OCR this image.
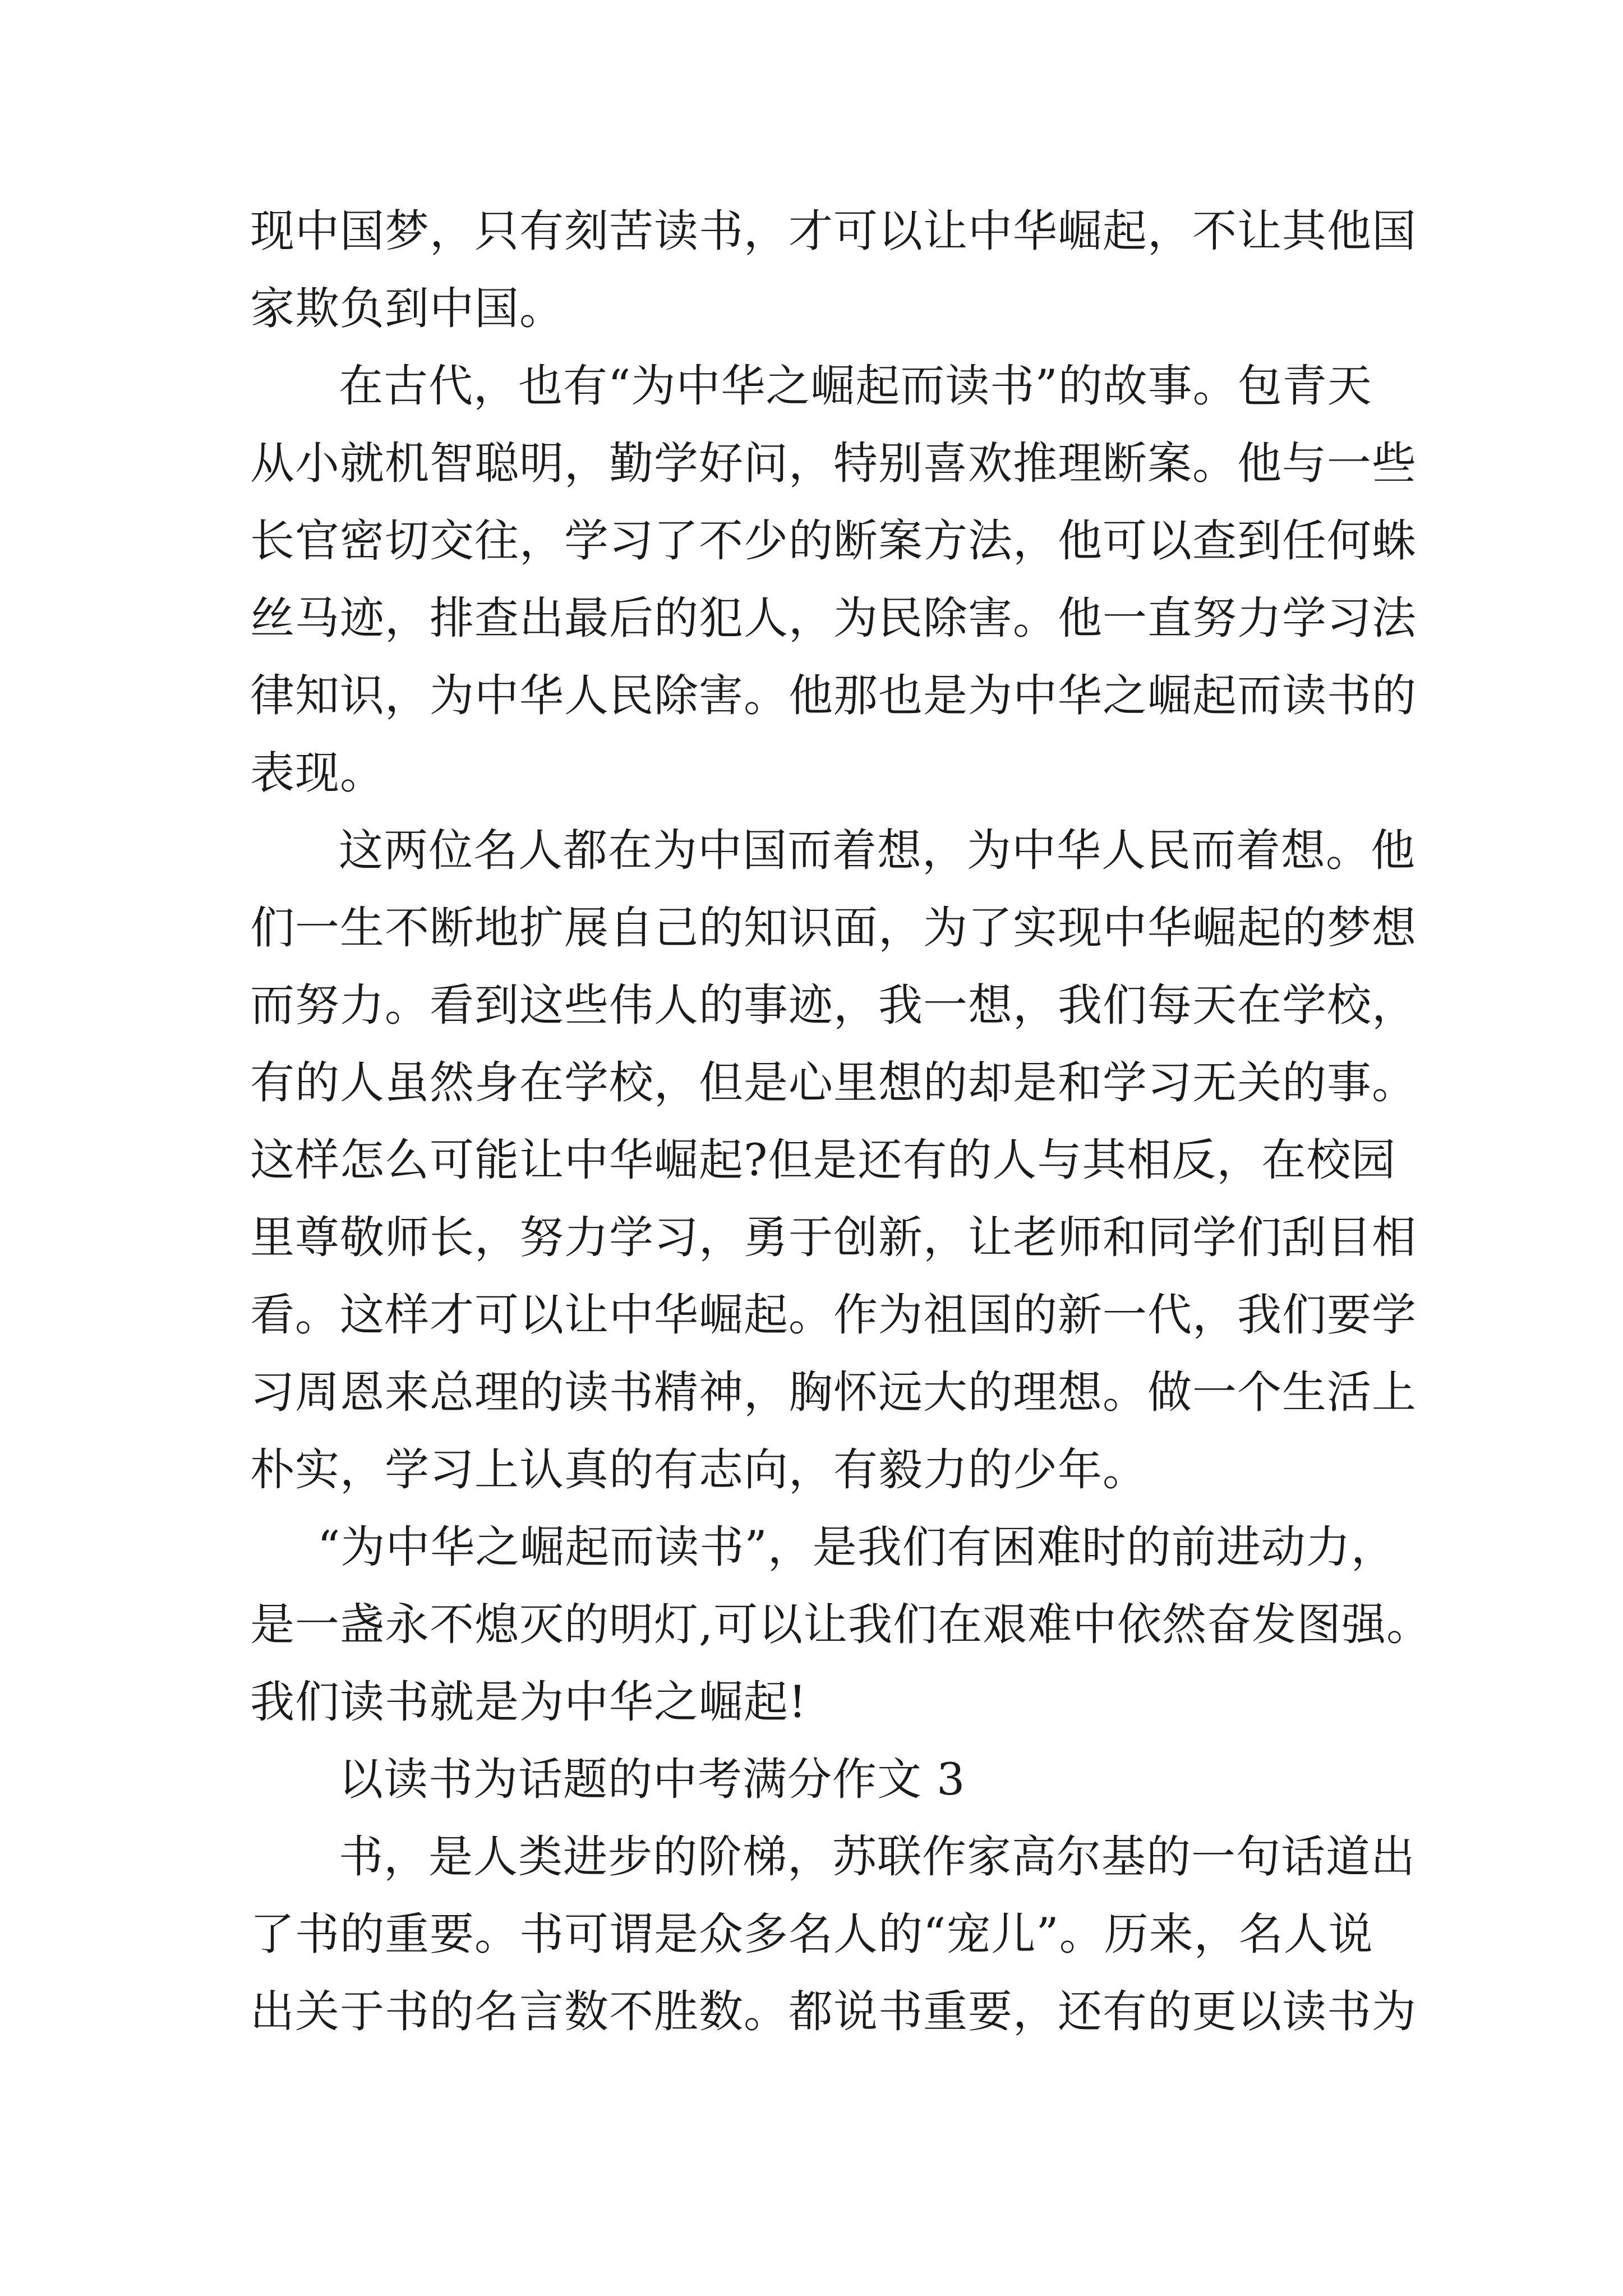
现中国梦，只有刻苦读书，才可以让中华崛起，不让其他国
家欺负到中国。
在古代，也有“为中华之崛起而读书”的故事。包青天
从小就机智聪明，勤学好问，特别喜欢推理断案。他与一些
长官密切交往，学习了不少的断案方法，他可以查到任何蛛
丝马迹，排查出最后的犯人，为民除害。他一直努力学习法
律知识，为中华人民除害。他那也是为中华之崛起而读书的
表现。
这两位名人都在为中国而着想，为中华人民而着想。他
们一生不断地扩展自己的知识面，为了实现中华崛起的梦想
而努力。看到这些伟人的事迹，我一想，我们每天在学校，
有的人虽然身在学校，但是心里想的却是和学习无关的事。
这样怎么可能让中华崛起?但是还有的人与其相反，在校园
里尊敬师长，努力学习，勇于创新，让老师和同学们刮目相
看。这样才可以让中华崛起。作为祖国的新一代，我们要学
习周恩来总理的读书精神，胸怀远大的理想。做一个生活上
朴实，学习上认真的有志向，有毅力的少年。
“为中华之崛起而读书”，是我们有困难时的前进动力，
是一盏永不熄灭的明灯,可以让我们在艰难中依然奋发图强。
我们读书就是为中华之崛起!
以读书为话题的中考满分作文 3
书，是人类进步的阶梯，苏联作家高尔基的一句话道出
了书的重要。书可谓是众多名人的“宠儿”。历来，名人说
出关于书的名言数不胜数。都说书重要，还有的更以读书为
